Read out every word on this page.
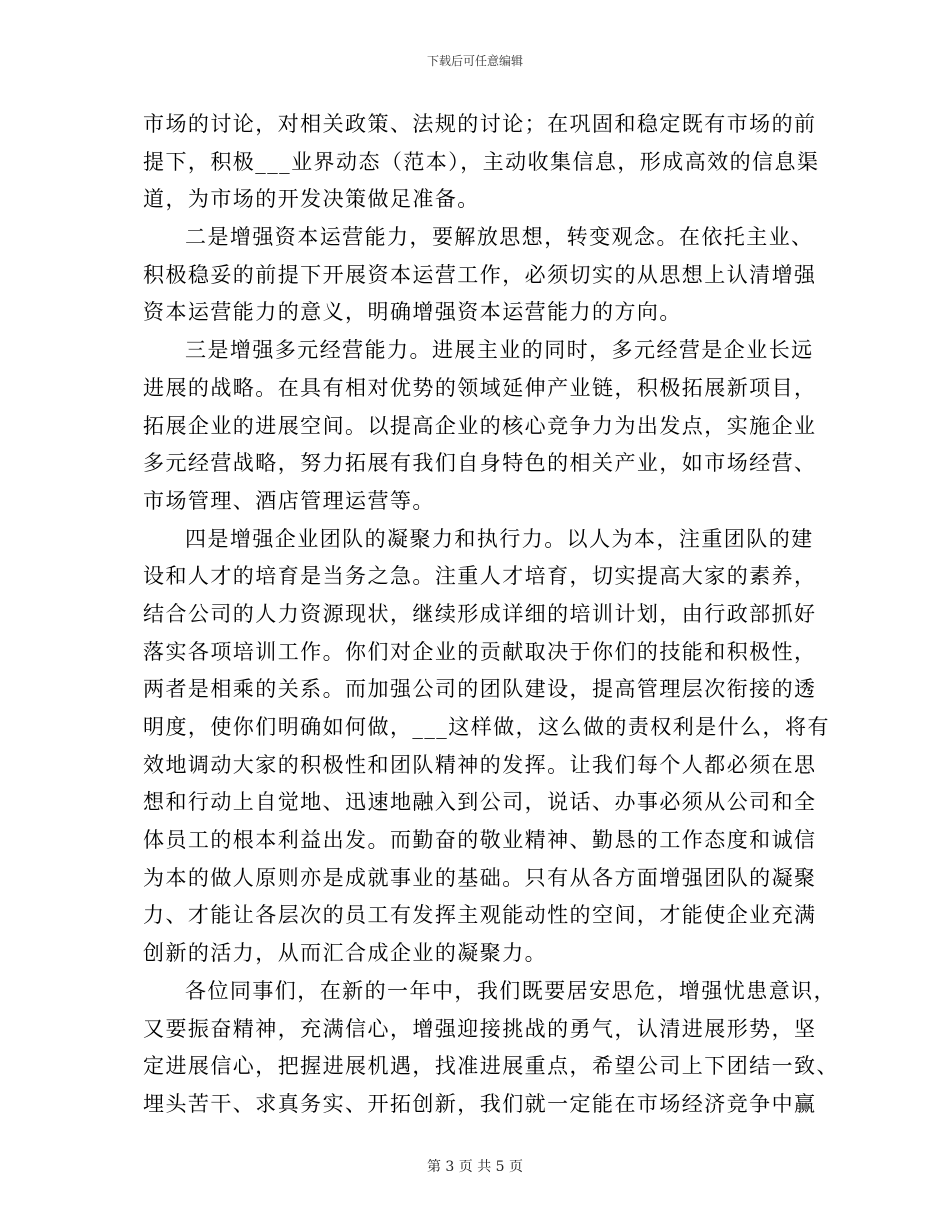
下载后可任意编辑
市场的讨论，对相关政策、法规的讨论；在巩固和稳定既有市场的前
提下，积极___业界动态（范本），主动收集信息，形成高效的信息渠
道，为市场的开发决策做足准备。
二是增强资本运营能力，要解放思想，转变观念。在依托主业、
积极稳妥的前提下开展资本运营工作，必须切实的从思想上认清增强
资本运营能力的意义，明确增强资本运营能力的方向。
三是增强多元经营能力。进展主业的同时，多元经营是企业长远
进展的战略。在具有相对优势的领域延伸产业链，积极拓展新项目，
拓展企业的进展空间。以提高企业的核心竞争力为出发点，实施企业
多元经营战略，努力拓展有我们自身特色的相关产业，如市场经营、
市场管理、酒店管理运营等。
四是增强企业团队的凝聚力和执行力。以人为本，注重团队的建
设和人才的培育是当务之急。注重人才培育，切实提高大家的素养，
结合公司的人力资源现状，继续形成详细的培训计划，由行政部抓好
落实各项培训工作。你们对企业的贡献取决于你们的技能和积极性，
两者是相乘的关系。而加强公司的团队建设，提高管理层次衔接的透
明度，使你们明确如何做，___这样做，这么做的责权利是什么，将有
效地调动大家的积极性和团队精神的发挥。让我们每个人都必须在思
想和行动上自觉地、迅速地融入到公司，说话、办事必须从公司和全
体员工的根本利益出发。而勤奋的敬业精神、勤恳的工作态度和诚信
为本的做人原则亦是成就事业的基础。只有从各方面增强团队的凝聚
力、才能让各层次的员工有发挥主观能动性的空间，才能使企业充满
创新的活力，从而汇合成企业的凝聚力。
各位同事们，在新的一年中，我们既要居安思危，增强忧患意识，
又要振奋精神，充满信心，增强迎接挑战的勇气，认清进展形势，坚
定进展信心，把握进展机遇，找准进展重点，希望公司上下团结一致、
埋头苦干、求真务实、开拓创新，我们就一定能在市场经济竞争中赢
第 3 页 共 5 页
